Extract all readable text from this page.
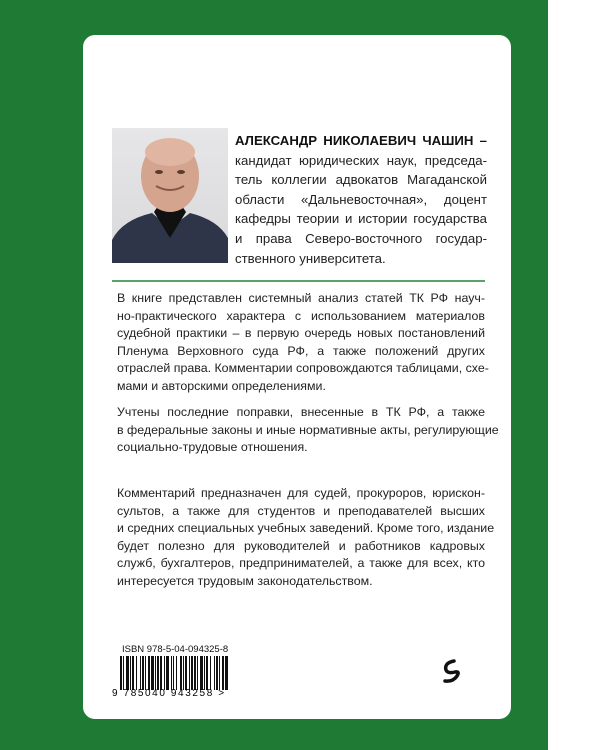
АЛЕКСАНДР НИКОЛАЕВИЧ ЧАШИН –
кандидат юридических наук, председа-
тель коллегии адвокатов Магаданской
области «Дальневосточная», доцент
кафедры теории и истории государства
и права Северо-восточного государ-
ственного университета.
В книге представлен системный анализ статей ТК РФ науч-
но-практического характера с использованием материалов
судебной практики – в первую очередь новых постановлений
Пленума Верховного суда РФ, а также положений других
отраслей права. Комментарии сопровождаются таблицами, схе-
мами и авторскими определениями.
Учтены последние поправки, внесенные в ТК РФ, а также
в федеральные законы и иные нормативные акты, регулирующие
социально-трудовые отношения.
Комментарий предназначен для судей, прокуроров, юрискон-
сультов, а также для студентов и преподавателей высших
и средних специальных учебных заведений. Кроме того, издание
будет полезно для руководителей и работников кадровых
служб, бухгалтеров, предпринимателей, а также для всех, кто
интересуется трудовым законодательством.
ISBN 978-5-04-094325-8
9 785040 943258 >
